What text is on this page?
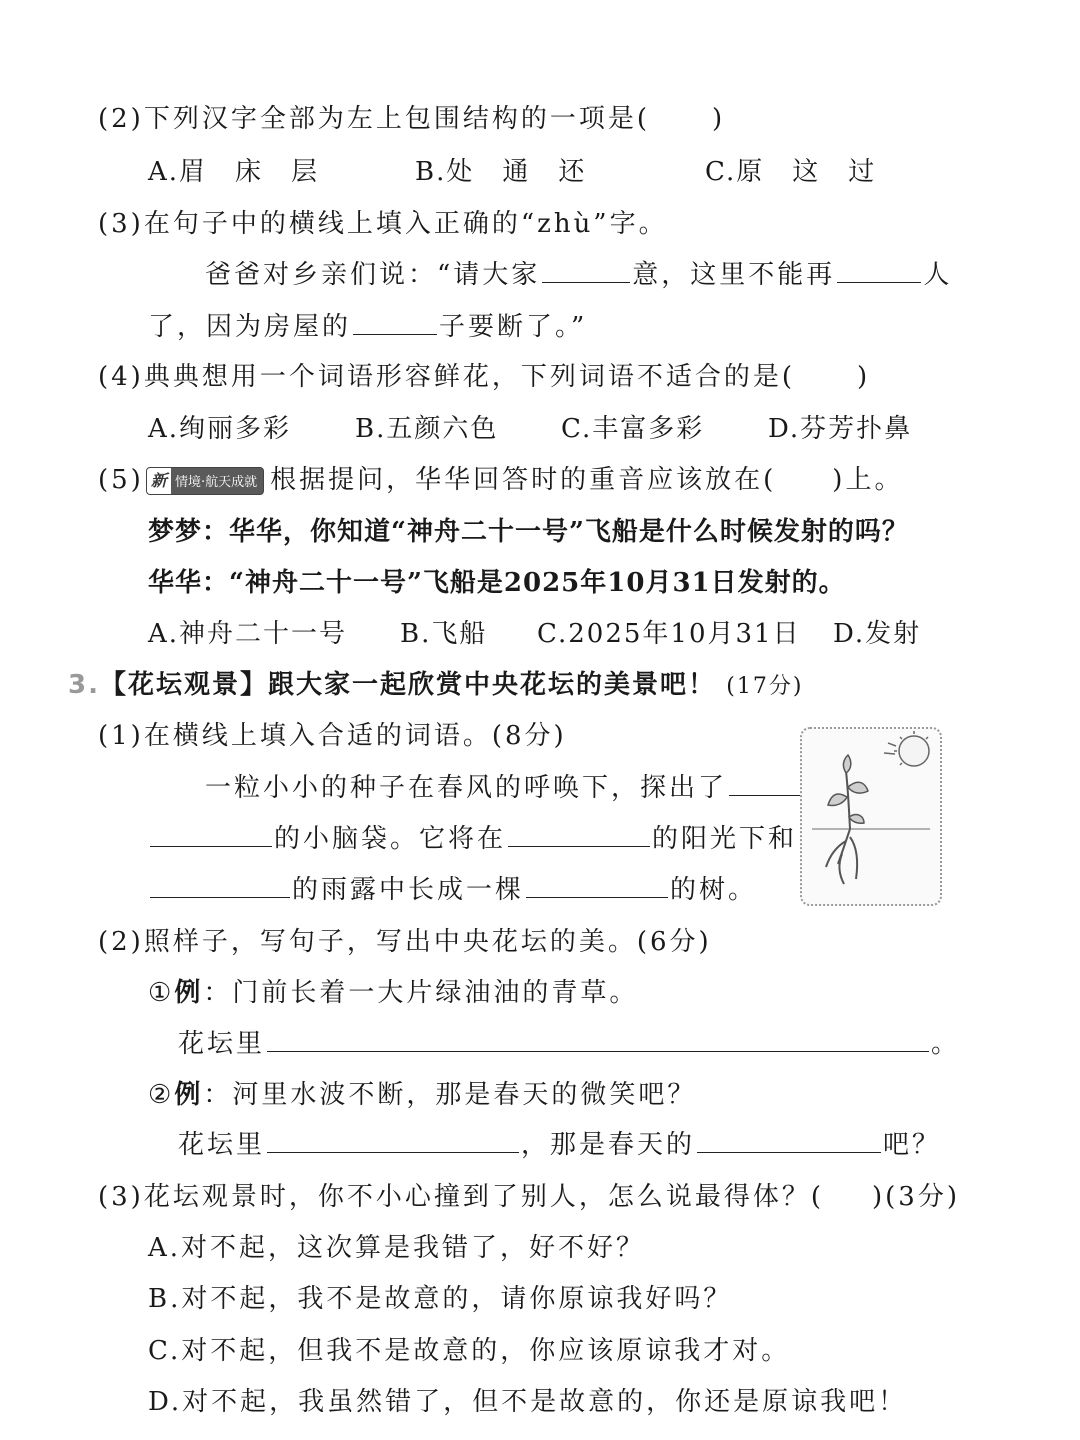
(2)下列汉字全部为左上包围结构的一项是( )
A.眉　床　层	B.处　通　还	C.原　这　过
(3)在句子中的横线上填入正确的“zhù”字。
爸爸对乡亲们说：“请大家	意，这里不能再	人
了，因为房屋的	子要断了。”
(4)典典想用一个词语形容鲜花，下列词语不适合的是( )
A.绚丽多彩 B.五颜六色 C.丰富多彩 D.芬芳扑鼻
(5) 新 情境·航天成就 根据提问，华华回答时的重音应该放在( )上。
梦梦：华华，你知道“神舟二十一号”飞船是什么时候发射的吗？
华华：“神舟二十一号”飞船是2025年10月31日发射的。
A.神舟二十一号 B.飞船 C.2025年10月31日 D.发射
3.【花坛观景】跟大家一起欣赏中央花坛的美景吧！ (17分)
(1)在横线上填入合适的词语。(8分)
一粒小小的种子在春风的呼唤下，探出了
的小脑袋。它将在	的阳光下和
的雨露中长成一棵	的树。
(2)照样子，写句子，写出中央花坛的美。(6分)
①例：门前长着一大片绿油油的青草。
花坛里	。
②例：河里水波不断，那是春天的微笑吧？
花坛里	，那是春天的	吧？
(3)花坛观景时，你不小心撞到了别人，怎么说最得体？( )(3分)
A.对不起，这次算是我错了，好不好？
B.对不起，我不是故意的，请你原谅我好吗？
C.对不起，但我不是故意的，你应该原谅我才对。
D.对不起，我虽然错了，但不是故意的，你还是原谅我吧！
